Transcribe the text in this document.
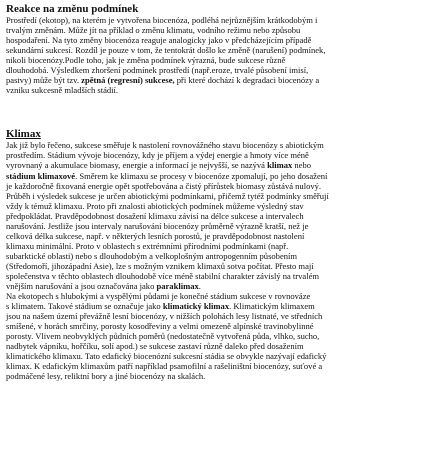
Reakce na změnu podmínek

Prostředí (ekotop), na kterém je vytvořena biocenóza, podléhá nejrůznějším krátkodobým i
trvalým změnám. Může jít na příklad o změnu klimatu, vodního režimu nebo způsobu
hospodaření. Na tyto změny biocenóza reaguje analogicky jako v předcházejícím případě
sekundární sukcesí. Rozdíl je pouze v tom, že tentokrát došlo ke změně (narušení) podmínek,
nikoli biocenózy.Podle toho, jak je změna podmínek výrazná, bude sukcese různě
dlouhodobá. Výsledkem zhoršení podmínek prostředí (např.eroze, trvalé působení imisí,
pastvy) může být tzv. zpětná (regresní) sukcese, při které dochází k degradaci biocenózy a
vzniku sukcesně mladších stádií.

Klimax

Jak již bylo řečeno, sukcese směřuje k nastolení rovnovážného stavu biocenózy s abiotickým
prostředím. Stádium vývoje biocenózy, kdy je příjem a výdej energie a hmoty více méně
vyrovnaný a akumulace biomasy, energie a informací je nejvyšší, se nazývá klimax nebo
stádium klimaxové. Směrem ke klimaxu se procesy v biocenóze zpomalují, po jeho dosažení
je každoročně fixovaná energie opět spotřebována a čistý přírůstek biomasy zůstává nulový.
Průběh i výsledek sukcese je určen abiotickými podmínkami, přičemž tytéž podmínky směřují
vždy k témuž klimaxu. Proto při znalosti abiotických podmínek můžeme výsledný stav
předpokládat. Pravděpodobnost dosažení klimaxu závisí na délce sukcese a intervalech
narušování. Jestliže jsou intervaly narušování biocenózy průměrně výrazně kratší, než je
celková délka sukcese, např. v některých lesních porostů, je pravděpodobnost nastolení
klimaxu minimální. Proto v oblastech s extrémními přírodními podmínkami (např.
subarktické oblasti) nebo s dlouhodobým a velkoplošným antropogenním působením
(Středomoří, jihozápadní Asie), lze s možným vznikem klimaxů sotva počítat. Přesto mají
společenstva v těchto oblastech dlouhodobě více méně stabilní charakter závislý na trvalém
vnějším narušování a jsou označována jako paraklimax.

Na ekotopech s hlubokými a vyspělými půdami je konečné stádium sukcese v rovnováze
s klimatem. Takové stádium se označuje jako klimatický klimax. Klimatickým klimaxem
jsou na našem území převážně lesní biocenózy, v nižších polohách lesy listnaté, ve středních
smíšené, v horách smrčiny, porosty kosodřeviny a velmi omezeně alpínské travinobylinné
porosty. Vlivem neobvyklých půdních poměrů (nedostatečně vytvořená půda, vlhko, sucho,
nadbytek vápníku, hořčíku, solí apod.) se sukcese zastaví různě daleko před dosažením
klimatického klimaxu. Tato edafický biocenózní sukcesní stádia se obvykle nazývají edafický
klimax. K edafickým klimaxům patří například psamofilní a rašeliništní biocenózy, suťové a
podmáčené lesy, reliktní bory a jiné biocenózy na skalách.
